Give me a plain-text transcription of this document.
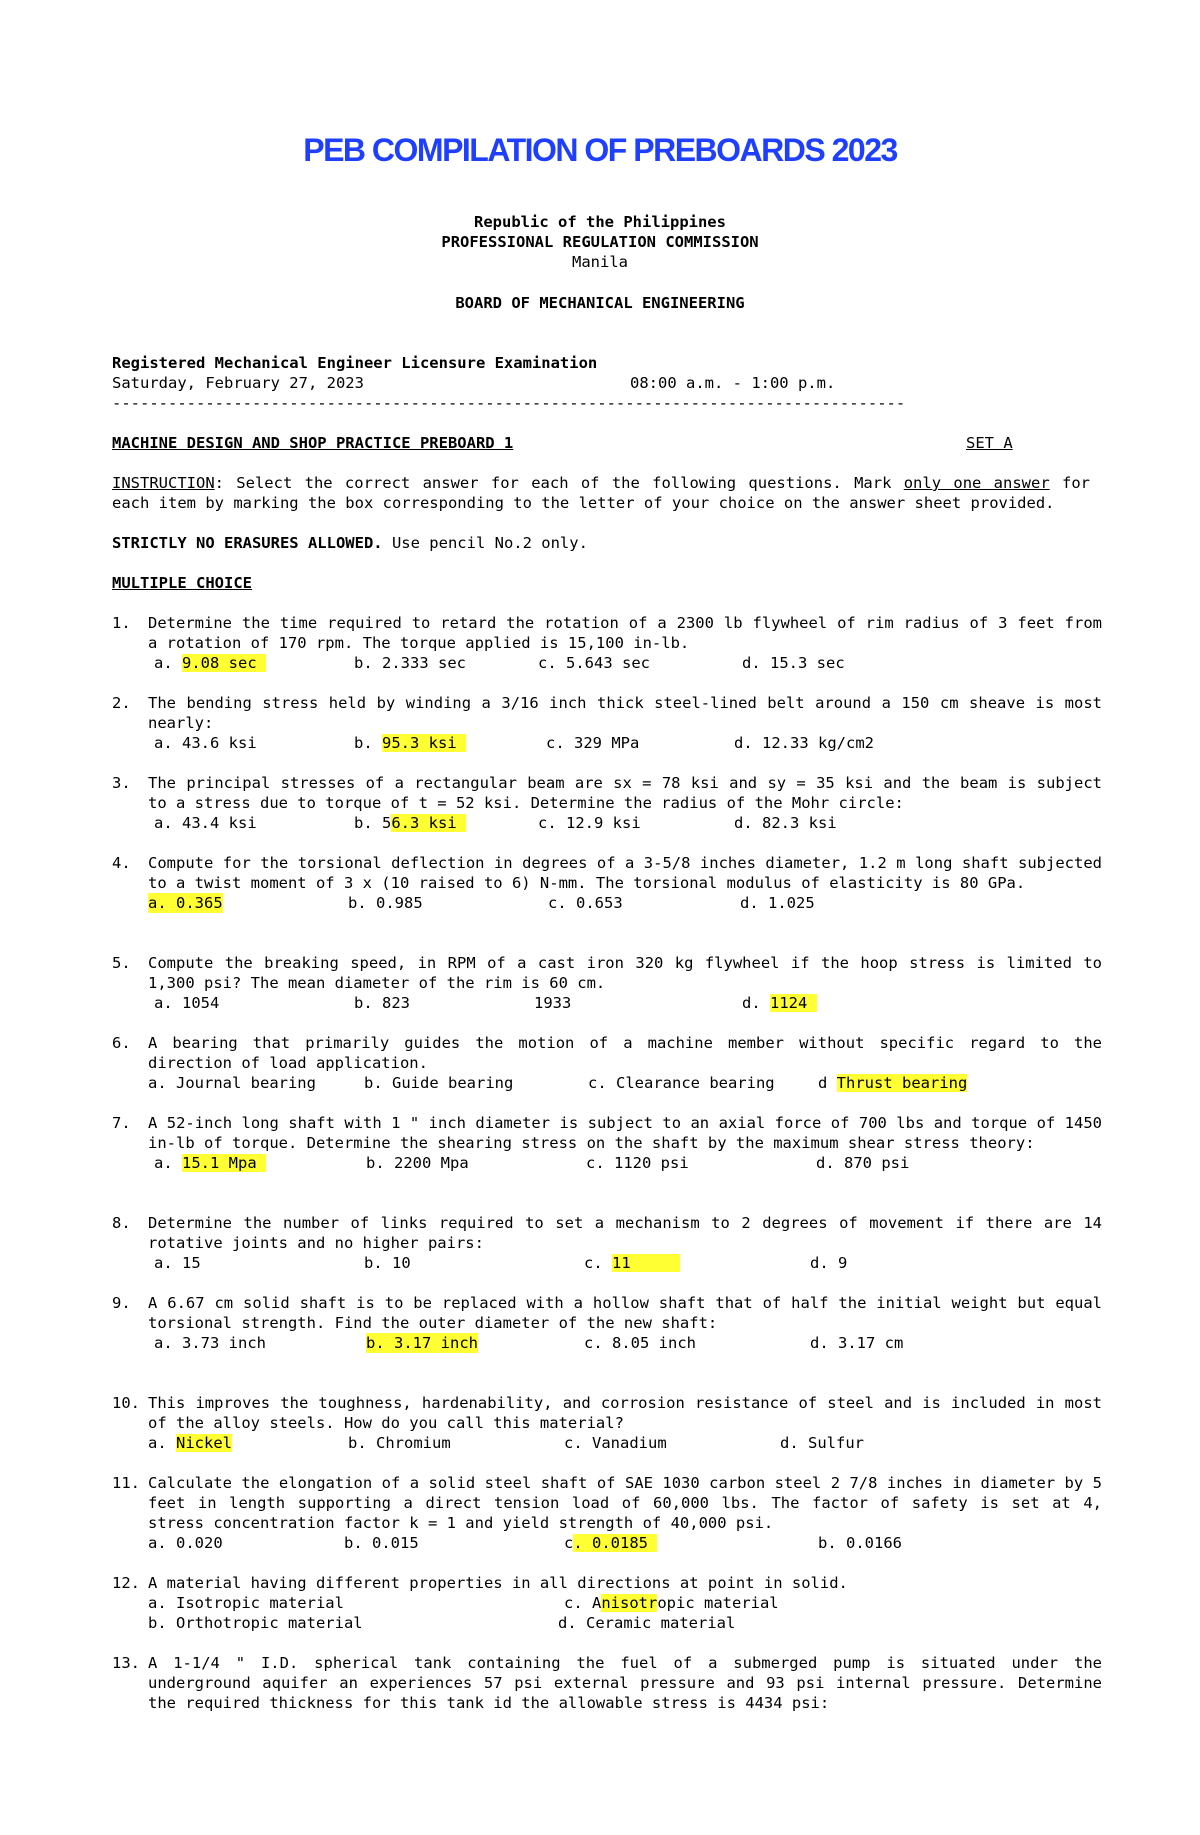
PEB COMPILATION OF PREBOARDS 2023
Republic of the Philippines
PROFESSIONAL REGULATION COMMISSION
Manila
BOARD OF MECHANICAL ENGINEERING
Registered Mechanical Engineer Licensure Examination
Saturday, February 27, 2023	08:00 a.m. - 1:00 p.m.
-------------------------------------------------------------------------------------
MACHINE DESIGN AND SHOP PRACTICE PREBOARD 1	SET A
INSTRUCTION: Select the correct answer for each of the following questions. Mark only one answer for each item by marking the box corresponding to the letter of your choice on the answer sheet provided.
STRICTLY NO ERASURES ALLOWED. Use pencil No.2 only.
MULTIPLE CHOICE
1. Determine the time required to retard the rotation of a 2300 lb flywheel of rim radius of 3 feet from a rotation of 170 rpm. The torque applied is 15,100 in-lb.

a. 9.08 sec

	b. 2.333 sec

	c. 5.643 sec

	d. 15.3 sec

2. The bending stress held by winding a 3/16 inch thick steel-lined belt around a 150 cm sheave is most nearly:

a. 43.6 ksi

	b. 95.3 ksi

	c. 329 MPa

	d. 12.33 kg/cm2

3. The principal stresses of a rectangular beam are sx = 78 ksi and sy = 35 ksi and the beam is subject to a stress due to torque of t = 52 ksi. Determine the radius of the Mohr circle:

a. 43.4 ksi

	b. 56.3 ksi

	c. 12.9 ksi

	d. 82.3 ksi

4. Compute for the torsional deflection in degrees of a 3-5/8 inches diameter, 1.2 m long shaft subjected to a twist moment of 3 x (10 raised to 6) N-mm. The torsional modulus of elasticity is 80 GPa.

a. 0.365

	b. 0.985

	c. 0.653

	d. 1.025

5. Compute the breaking speed, in RPM of a cast iron 320 kg flywheel if the hoop stress is limited to 1,300 psi? The mean diameter of the rim is 60 cm.

a. 1054

	b. 823

	1933

	d. 1124

6. A bearing that primarily guides the motion of a machine member without specific regard to the direction of load application.

a. Journal bearing

	b. Guide bearing

	c. Clearance bearing

	d Thrust bearing

7. A 52-inch long shaft with 1 " inch diameter is subject to an axial force of 700 lbs and torque of 1450 in-lb of torque. Determine the shearing stress on the shaft by the maximum shear stress theory:

a. 15.1 Mpa

	b. 2200 Mpa

	c. 1120 psi

	d. 870 psi

8. Determine the number of links required to set a mechanism to 2 degrees of movement if there are 14 rotative joints and no higher pairs:

a. 15

	b. 10

	c. 11

	d. 9

9. A 6.67 cm solid shaft is to be replaced with a hollow shaft that of half the initial weight but equal torsional strength. Find the outer diameter of the new shaft:

a. 3.73 inch

	b. 3.17 inch

	c. 8.05 inch

	d. 3.17 cm

10. This improves the toughness, hardenability, and corrosion resistance of steel and is included in most of the alloy steels. How do you call this material?

a. Nickel

	b. Chromium

	c. Vanadium

	d. Sulfur

11. Calculate the elongation of a solid steel shaft of SAE 1030 carbon steel 2 7/8 inches in diameter by 5 feet in length supporting a direct tension load of 60,000 lbs. The factor of safety is set at 4, stress concentration factor k = 1 and yield strength of 40,000 psi.

a. 0.020

	b. 0.015

	c. 0.0185

	b. 0.0166

12. A material having different properties in all directions at point in solid.

a. Isotropic material

	c. Anisotropic material

b. Orthotropic material

	d. Ceramic material

13. A 1-1/4 " I.D. spherical tank containing the fuel of a submerged pump is situated under the underground aquifer an experiences 57 psi external pressure and 93 psi internal pressure. Determine the required thickness for this tank id the allowable stress is 4434 psi:
